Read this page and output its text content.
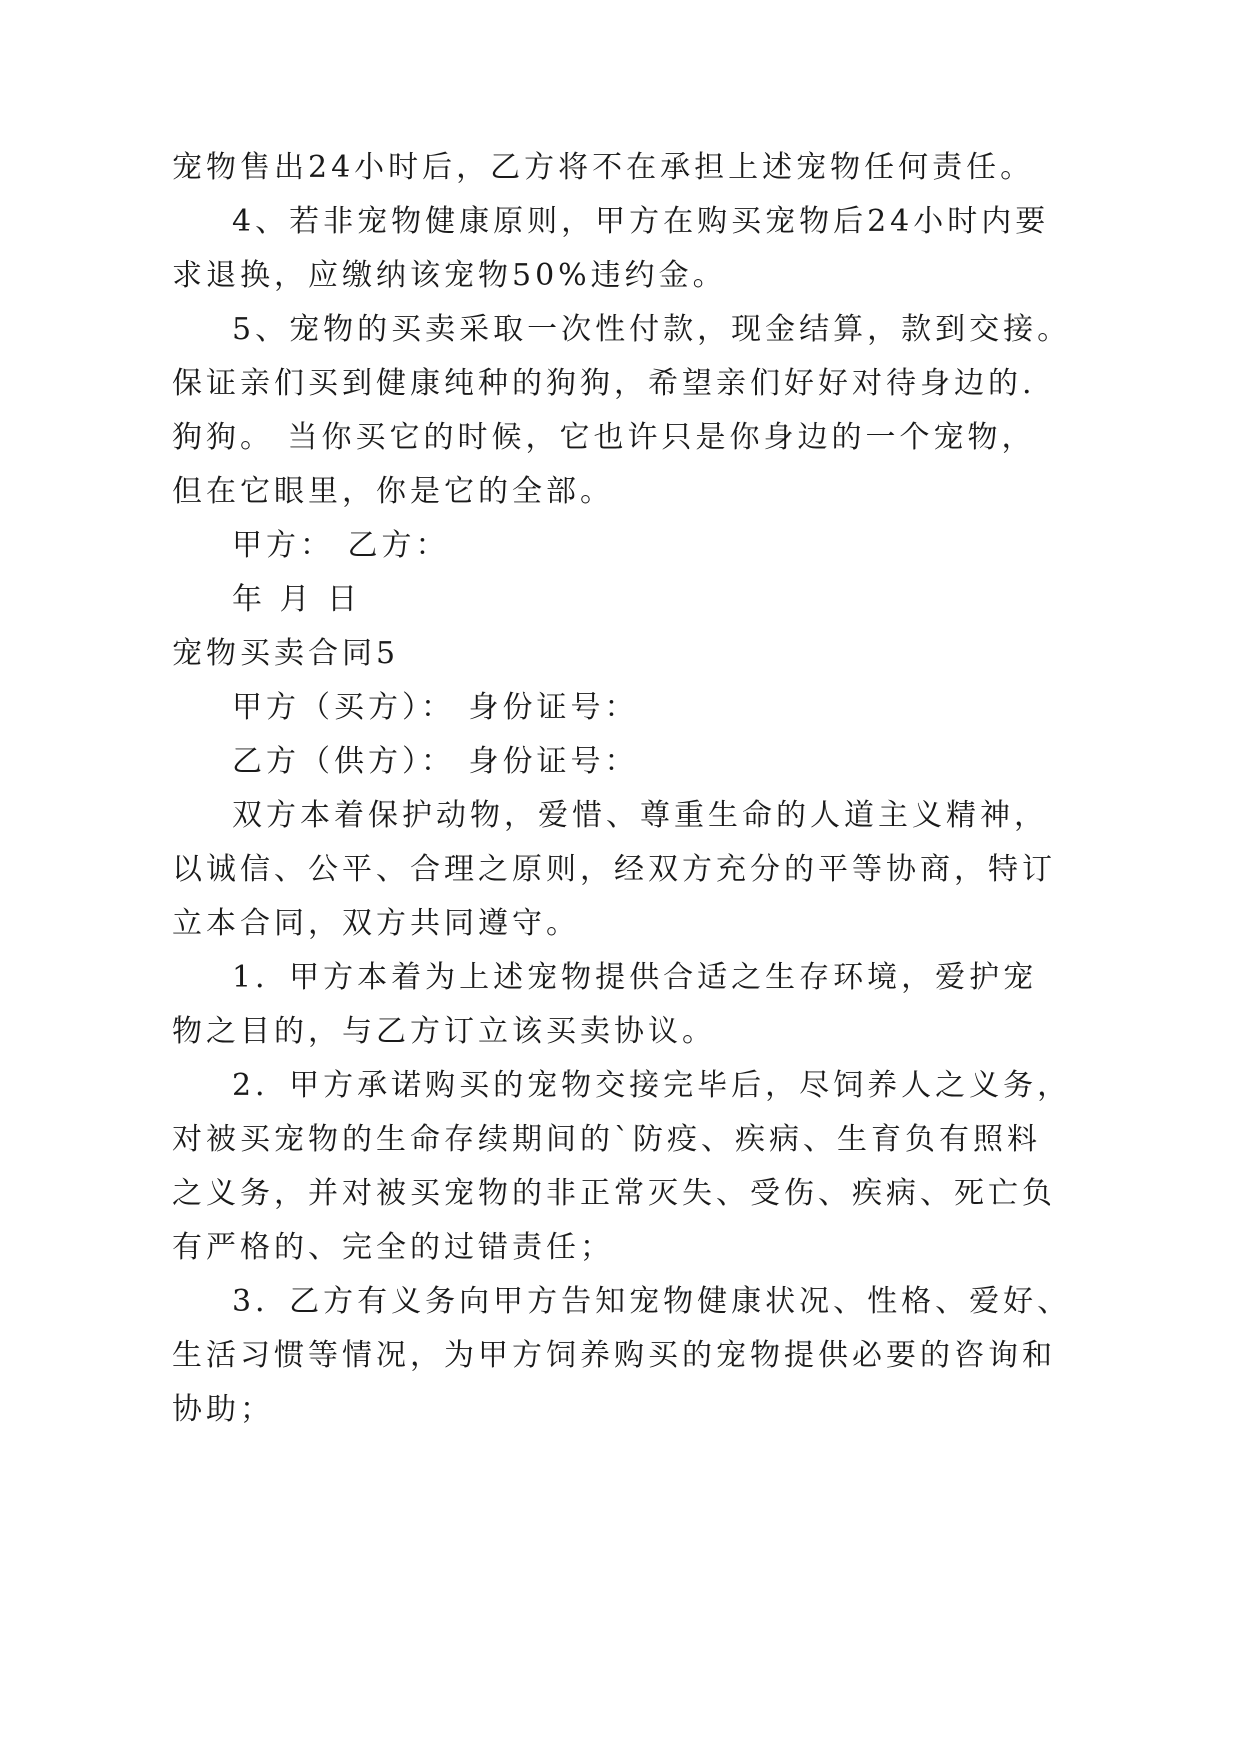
宠物售出24小时后，乙方将不在承担上述宠物任何责任。
4、若非宠物健康原则，甲方在购买宠物后24小时内要
求退换，应缴纳该宠物50%违约金。
5、宠物的买卖采取一次性付款，现金结算，款到交接。
保证亲们买到健康纯种的狗狗，希望亲们好好对待身边的.
狗狗。 当你买它的时候，它也许只是你身边的一个宠物，
但在它眼里，你是它的全部。
甲方： 乙方：
年 月 日
宠物买卖合同5
甲方（买方）： 身份证号：
乙方（供方）： 身份证号：
双方本着保护动物，爱惜、尊重生命的人道主义精神，
以诚信、公平、合理之原则，经双方充分的平等协商，特订
立本合同，双方共同遵守。
1．甲方本着为上述宠物提供合适之生存环境，爱护宠
物之目的，与乙方订立该买卖协议。
2．甲方承诺购买的宠物交接完毕后，尽饲养人之义务，
对被买宠物的生命存续期间的`防疫、疾病、生育负有照料
之义务，并对被买宠物的非正常灭失、受伤、疾病、死亡负
有严格的、完全的过错责任；
3．乙方有义务向甲方告知宠物健康状况、性格、爱好、
生活习惯等情况，为甲方饲养购买的宠物提供必要的咨询和
协助；
